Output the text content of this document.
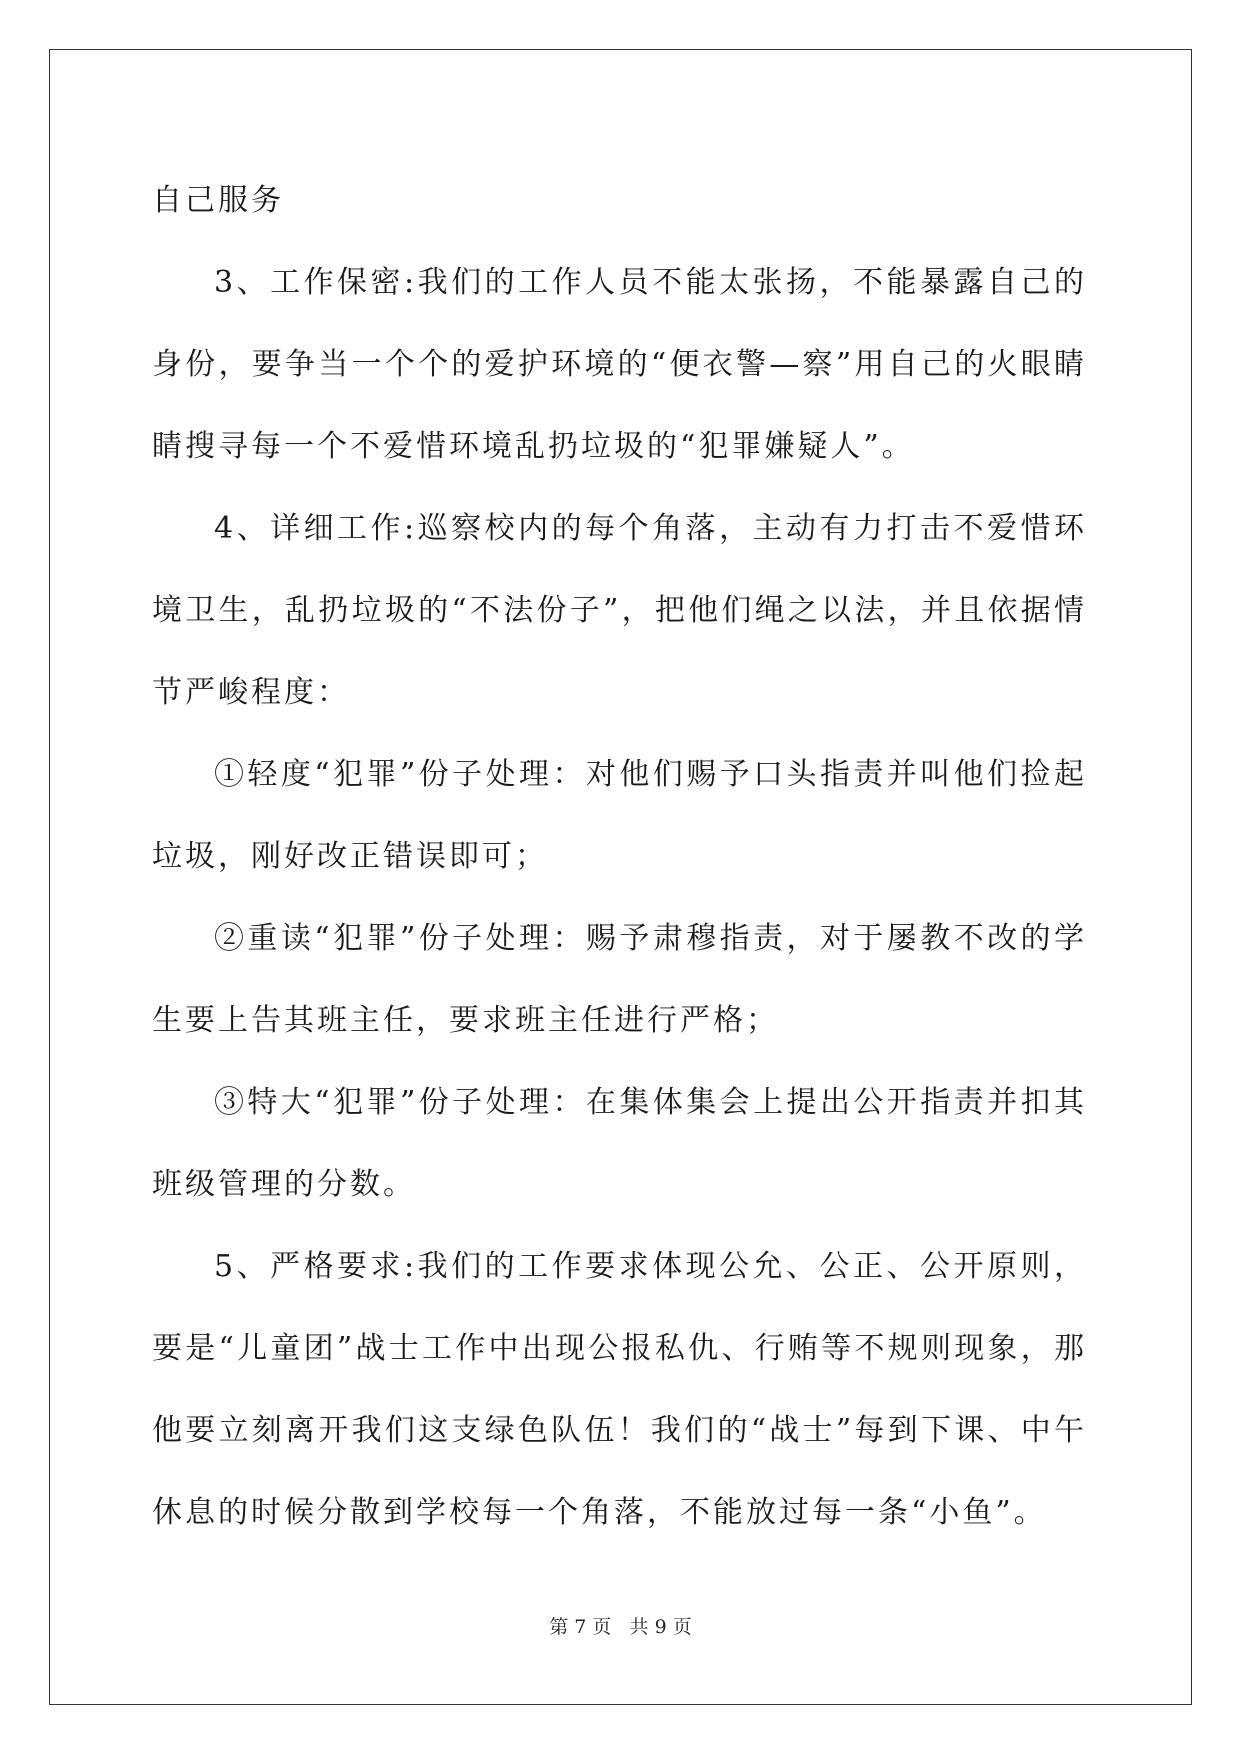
自己服务

3、工作保密:我们的工作人员不能太张扬，不能暴露自己的身份，要争当一个个的爱护环境的“便衣警—察”用自己的火眼睛睛搜寻每一个不爱惜环境乱扔垃圾的“犯罪嫌疑人”。

4、详细工作:巡察校内的每个角落，主动有力打击不爱惜环境卫生，乱扔垃圾的“不法份子”，把他们绳之以法，并且依据情节严峻程度：

①轻度“犯罪”份子处理：对他们赐予口头指责并叫他们捡起垃圾，刚好改正错误即可；

②重读“犯罪”份子处理：赐予肃穆指责，对于屡教不改的学生要上告其班主任，要求班主任进行严格；

③特大“犯罪”份子处理：在集体集会上提出公开指责并扣其班级管理的分数。

5、严格要求:我们的工作要求体现公允、公正、公开原则，要是“儿童团”战士工作中出现公报私仇、行贿等不规则现象，那他要立刻离开我们这支绿色队伍！我们的“战士”每到下课、中午休息的时候分散到学校每一个角落，不能放过每一条“小鱼”。

第 7 页   共 9 页
